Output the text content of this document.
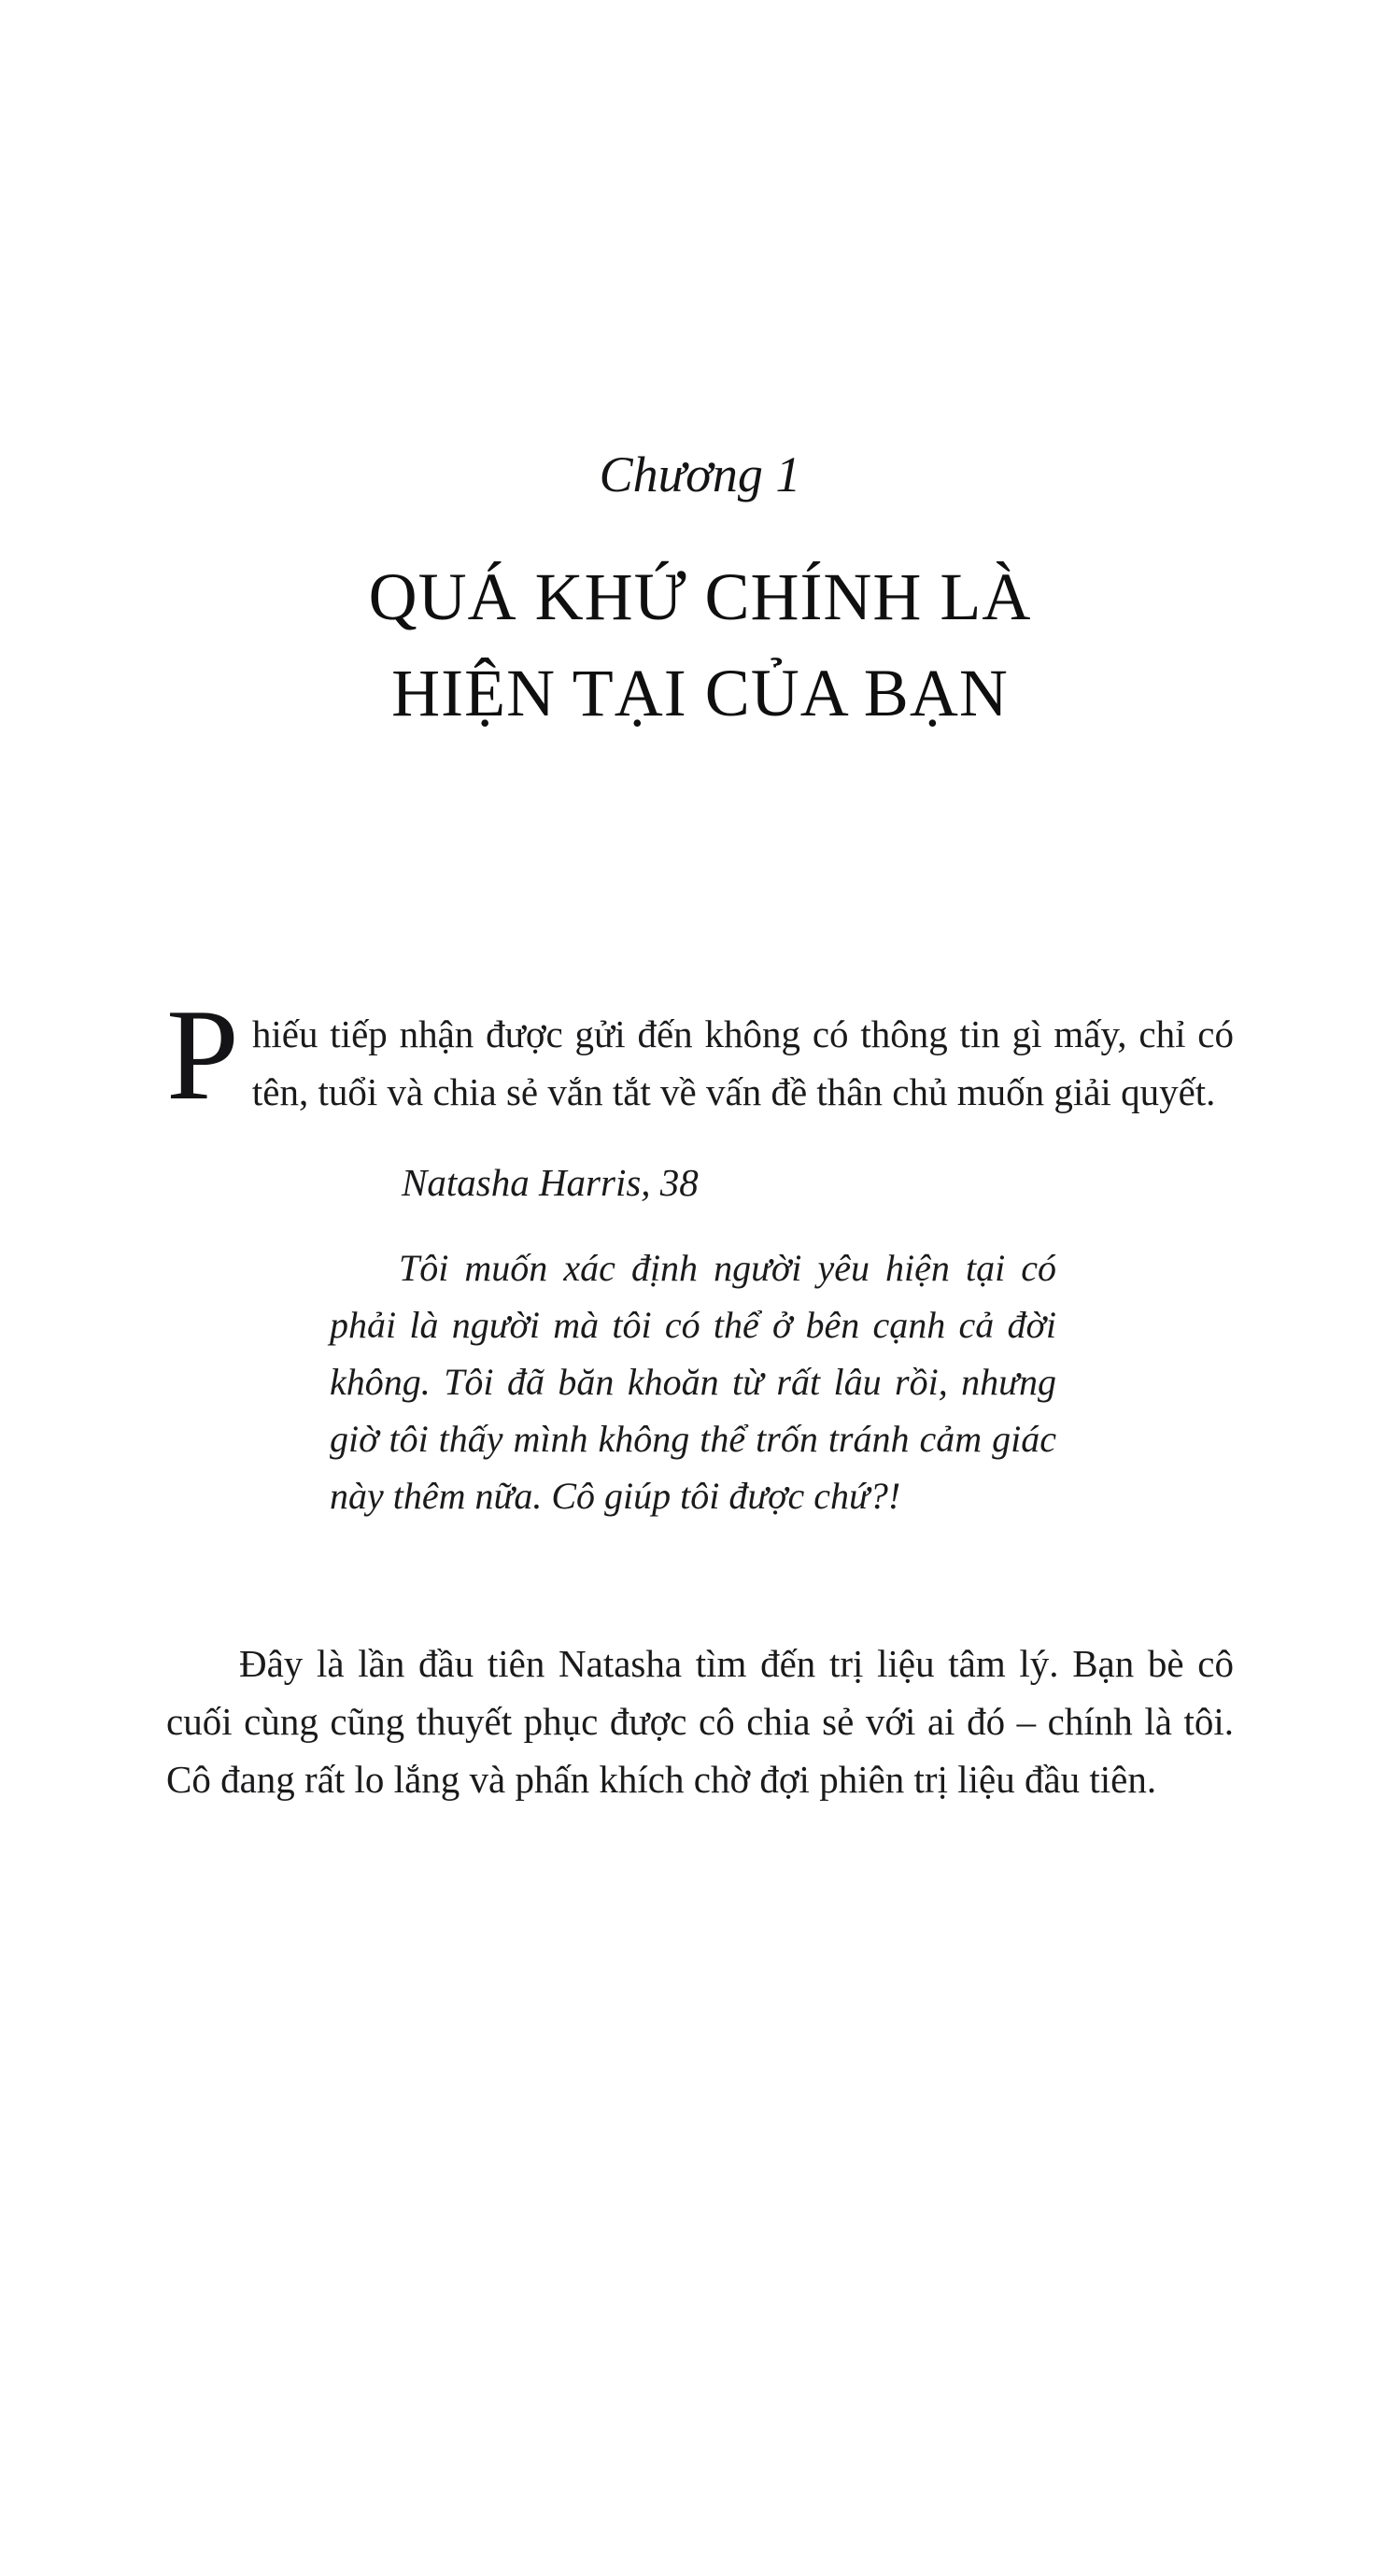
Chương 1
QUÁ KHỨ CHÍNH LÀ
HIỆN TẠI CỦA BẠN

Phiếu tiếp nhận được gửi đến không có thông tin gì mấy, chỉ có tên, tuổi và chia sẻ vắn tắt về vấn đề thân chủ muốn giải quyết.

Natasha Harris, 38

Tôi muốn xác định người yêu hiện tại có phải là người mà tôi có thể ở bên cạnh cả đời không. Tôi đã băn khoăn từ rất lâu rồi, nhưng giờ tôi thấy mình không thể trốn tránh cảm giác này thêm nữa. Cô giúp tôi được chứ?!

Đây là lần đầu tiên Natasha tìm đến trị liệu tâm lý. Bạn bè cô cuối cùng cũng thuyết phục được cô chia sẻ với ai đó – chính là tôi. Cô đang rất lo lắng và phấn khích chờ đợi phiên trị liệu đầu tiên.
